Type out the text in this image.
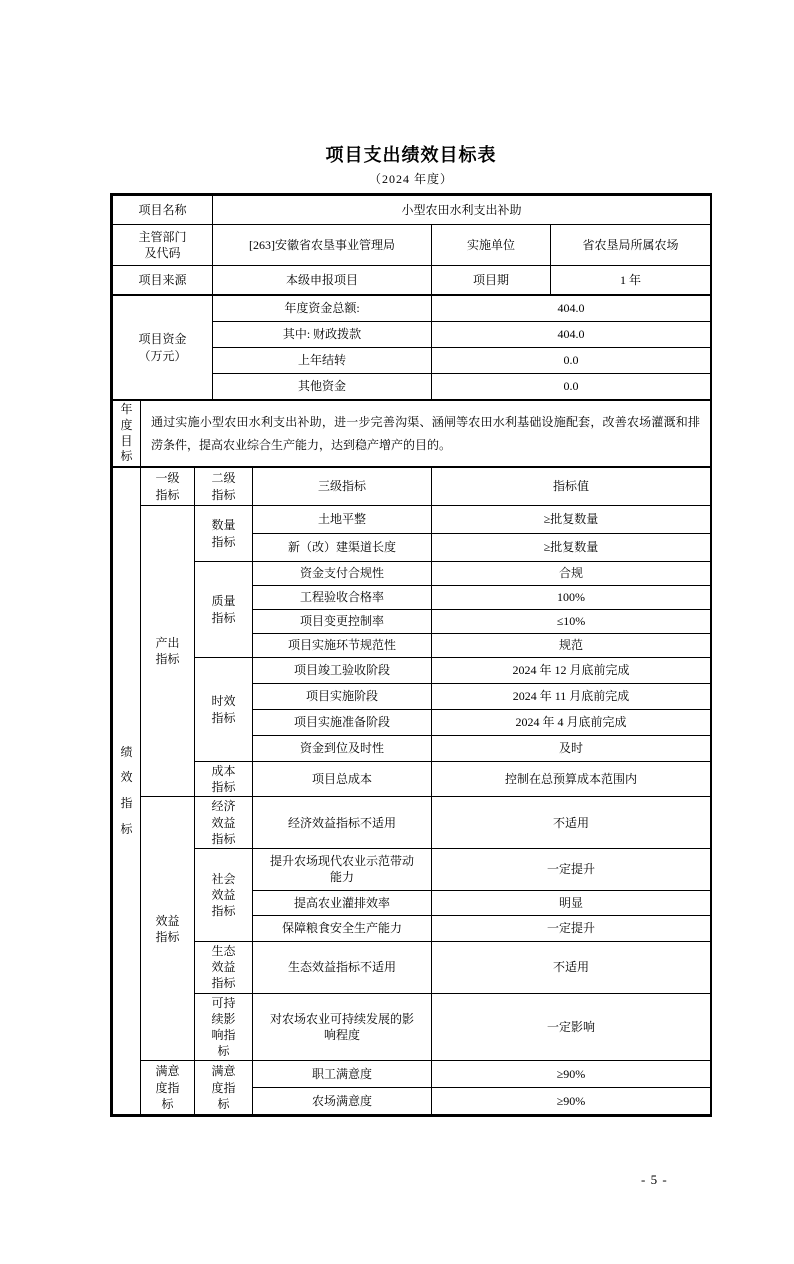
项目支出绩效目标表
（2024 年度）
项目名称	小型农田水利支出补助		
主管部门及代码	[263]安徽省农垦事业管理局	实施单位	省农垦局所属农场
项目来源	本级申报项目	项目期	1 年
项目资金（万元）	年度资金总额:	404.0
	其中: 财政拨款	404.0
	上年结转	0.0
	其他资金	0.0
年度目标	通过实施小型农田水利支出补助，进一步完善沟渠、涵闸等农田水利基础设施配套，改善农场灌溉和排涝条件，提高农业综合生产能力，达到稳产增产的目的。
绩效指标	一级指标	二级指标	三级指标	指标值
	产出指标	数量指标	土地平整	≥批复数量
			新（改）建渠道长度	≥批复数量
		质量指标	资金支付合规性	合规
			工程验收合格率	100%
			项目变更控制率	≤10%
			项目实施环节规范性	规范
		时效指标	项目竣工验收阶段	2024 年 12 月底前完成
			项目实施阶段	2024 年 11 月底前完成
			项目实施准备阶段	2024 年 4 月底前完成
			资金到位及时性	及时
		成本指标	项目总成本	控制在总预算成本范围内
	效益指标	经济效益指标	经济效益指标不适用	不适用
		社会效益指标	提升农场现代农业示范带动能力	一定提升
			提高农业灌排效率	明显
			保障粮食安全生产能力	一定提升
		生态效益指标	生态效益指标不适用	不适用
		可持续影响指标	对农场农业可持续发展的影响程度	一定影响
	满意度指标	满意度指标	职工满意度	≥90%
			农场满意度	≥90%
- 5 -
